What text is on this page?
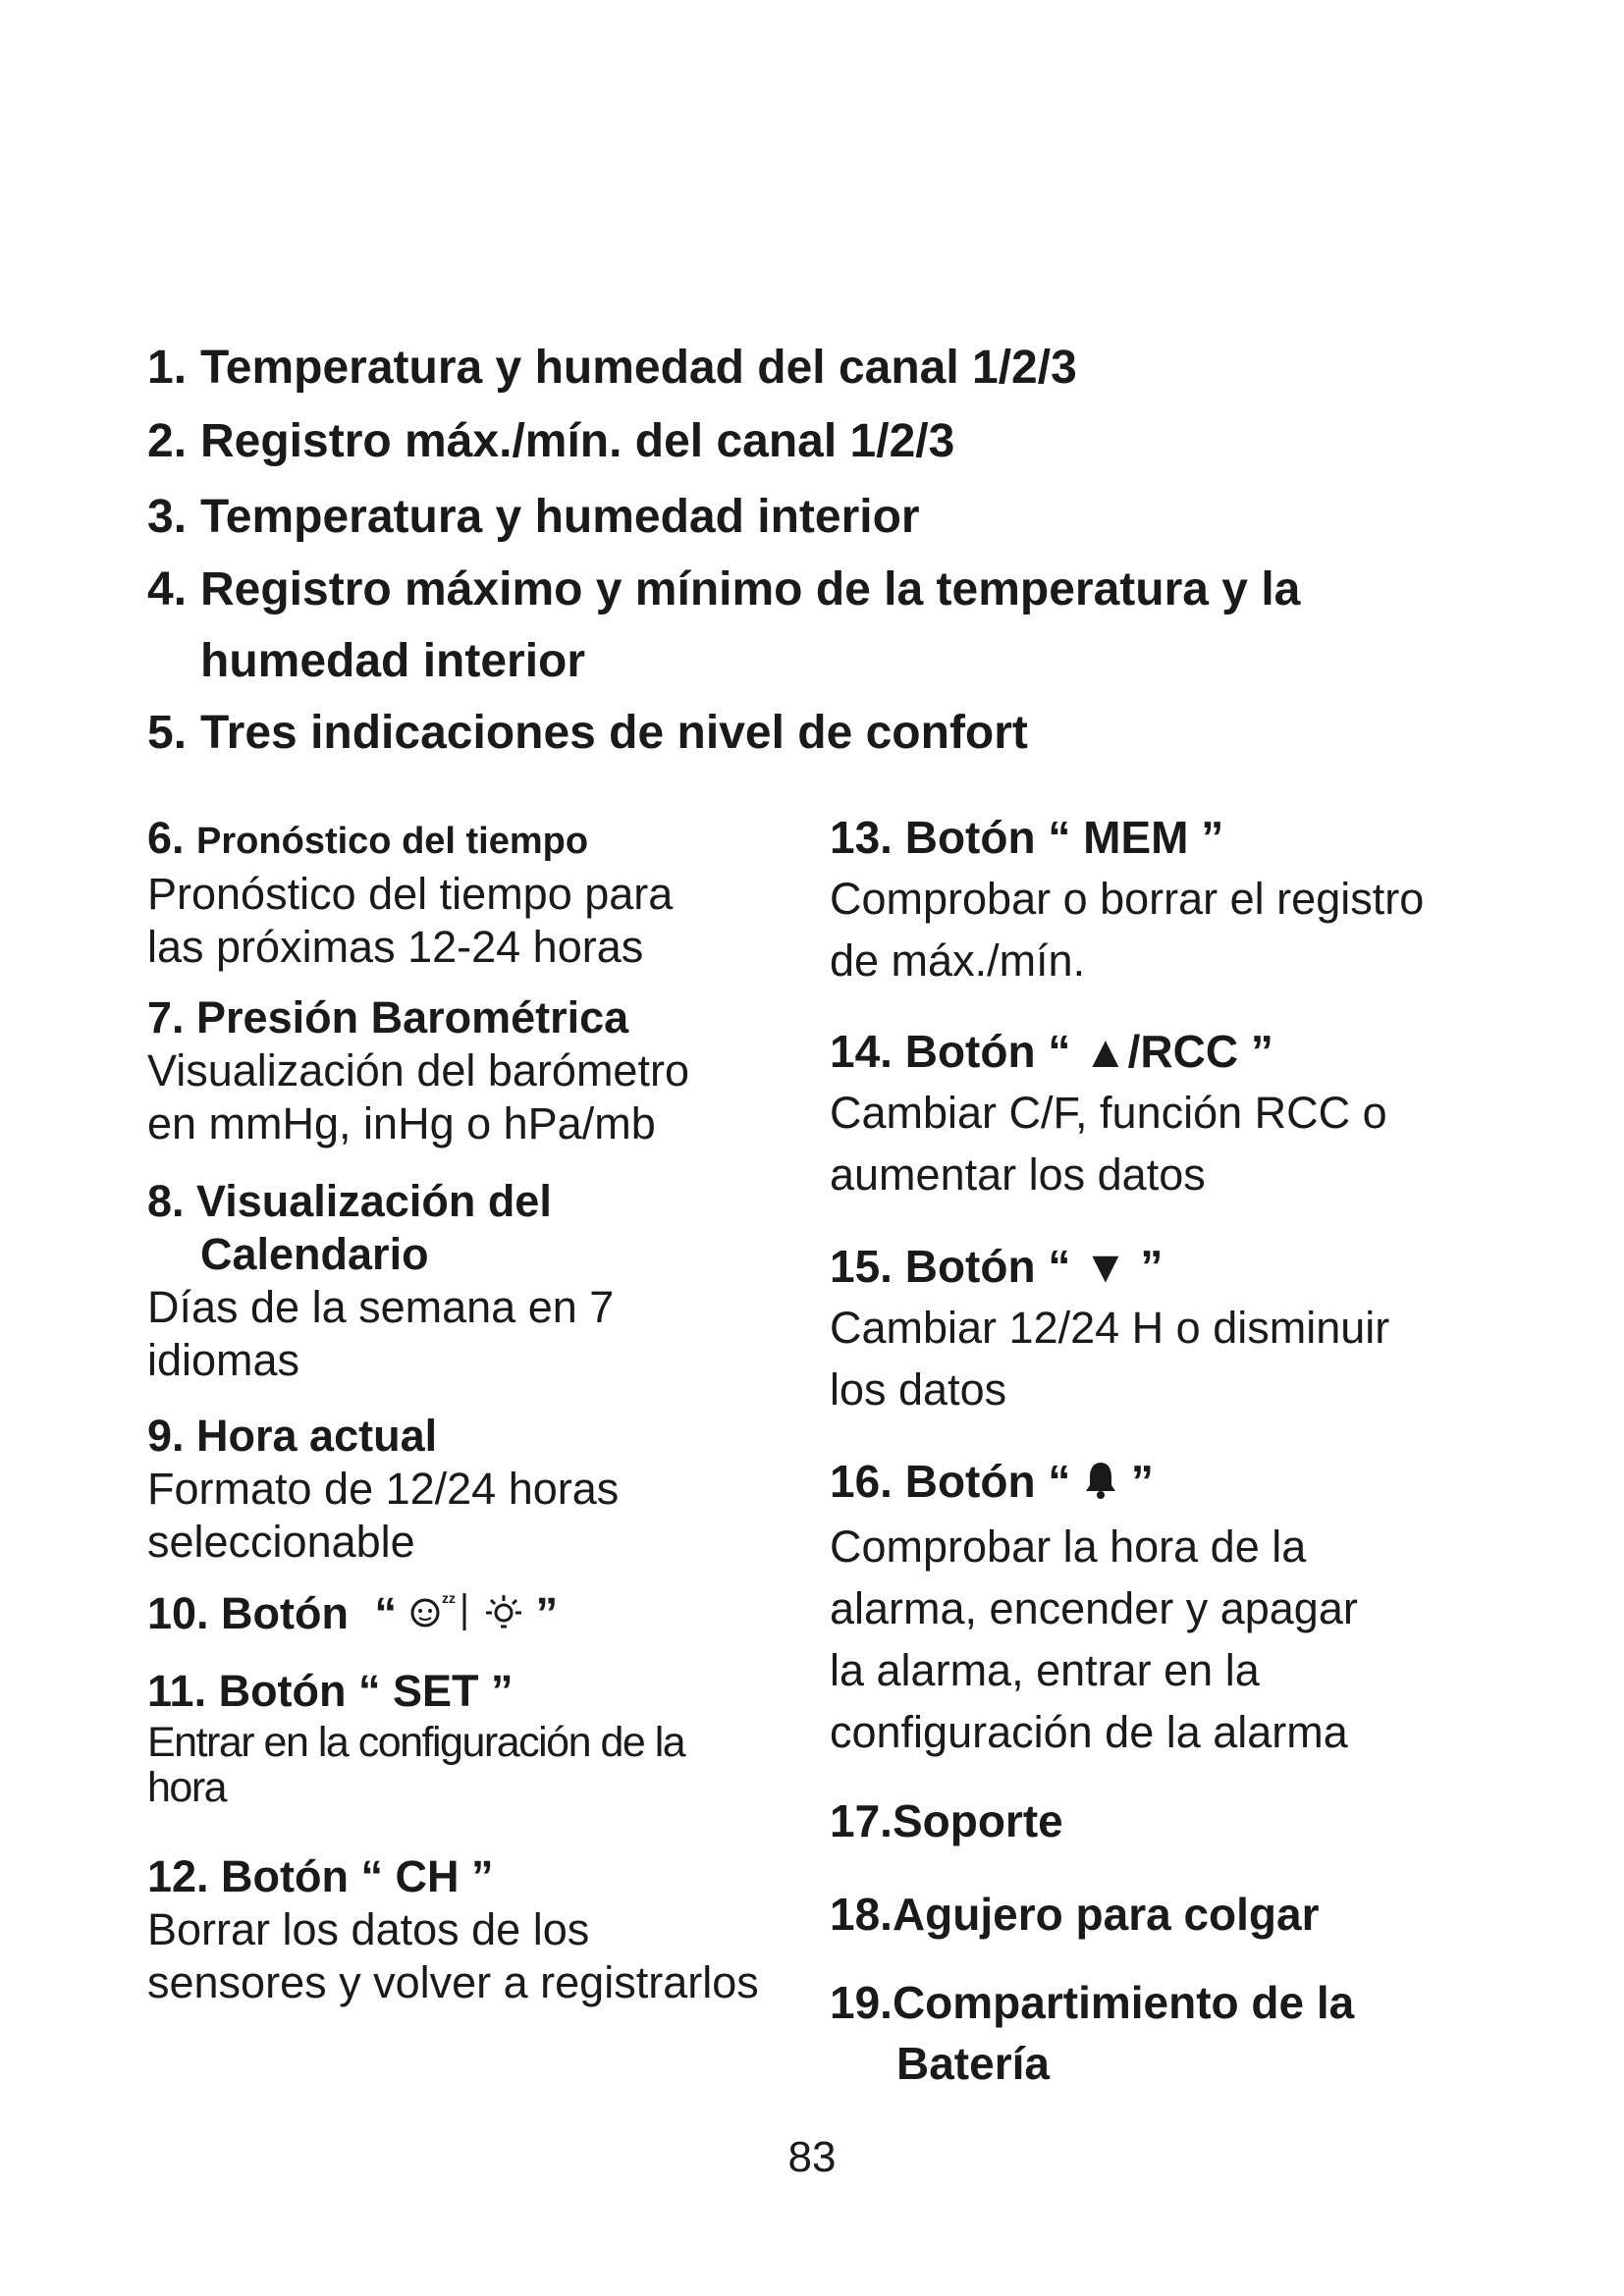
1. Temperatura y humedad del canal 1/2/3
2. Registro máx./mín. del canal 1/2/3
3. Temperatura y humedad interior
4. Registro máximo y mínimo de la temperatura y la
humedad interior
5. Tres indicaciones de nivel de confort
6. Pronóstico del tiempo
Pronóstico del tiempo para
las próximas 12-24 horas
7. Presión Barométrica
Visualización del barómetro
en mmHg, inHg o hPa/mb
8. Visualización del
Calendario
Días de la semana en 7
idiomas
9. Hora actual
Formato de 12/24 horas
seleccionable
10. Botón “	zz ”
11. Botón “ SET ”
Entrar en la configuración de la
hora
12. Botón “ CH ”
Borrar los datos de los
sensores y volver a registrarlos
13. Botón “ MEM ”
Comprobar o borrar el registro
de máx./mín.
14. Botón “ ▲/RCC ”
Cambiar C/F, función RCC o
aumentar los datos
15. Botón “ ▼ ”
Cambiar 12/24 H o disminuir
los datos
16. Botón “ ”
Comprobar la hora de la
alarma, encender y apagar
la alarma, entrar en la
configuración de la alarma
17.Soporte
18.Agujero para colgar
19.Compartimiento de la
Batería
83
